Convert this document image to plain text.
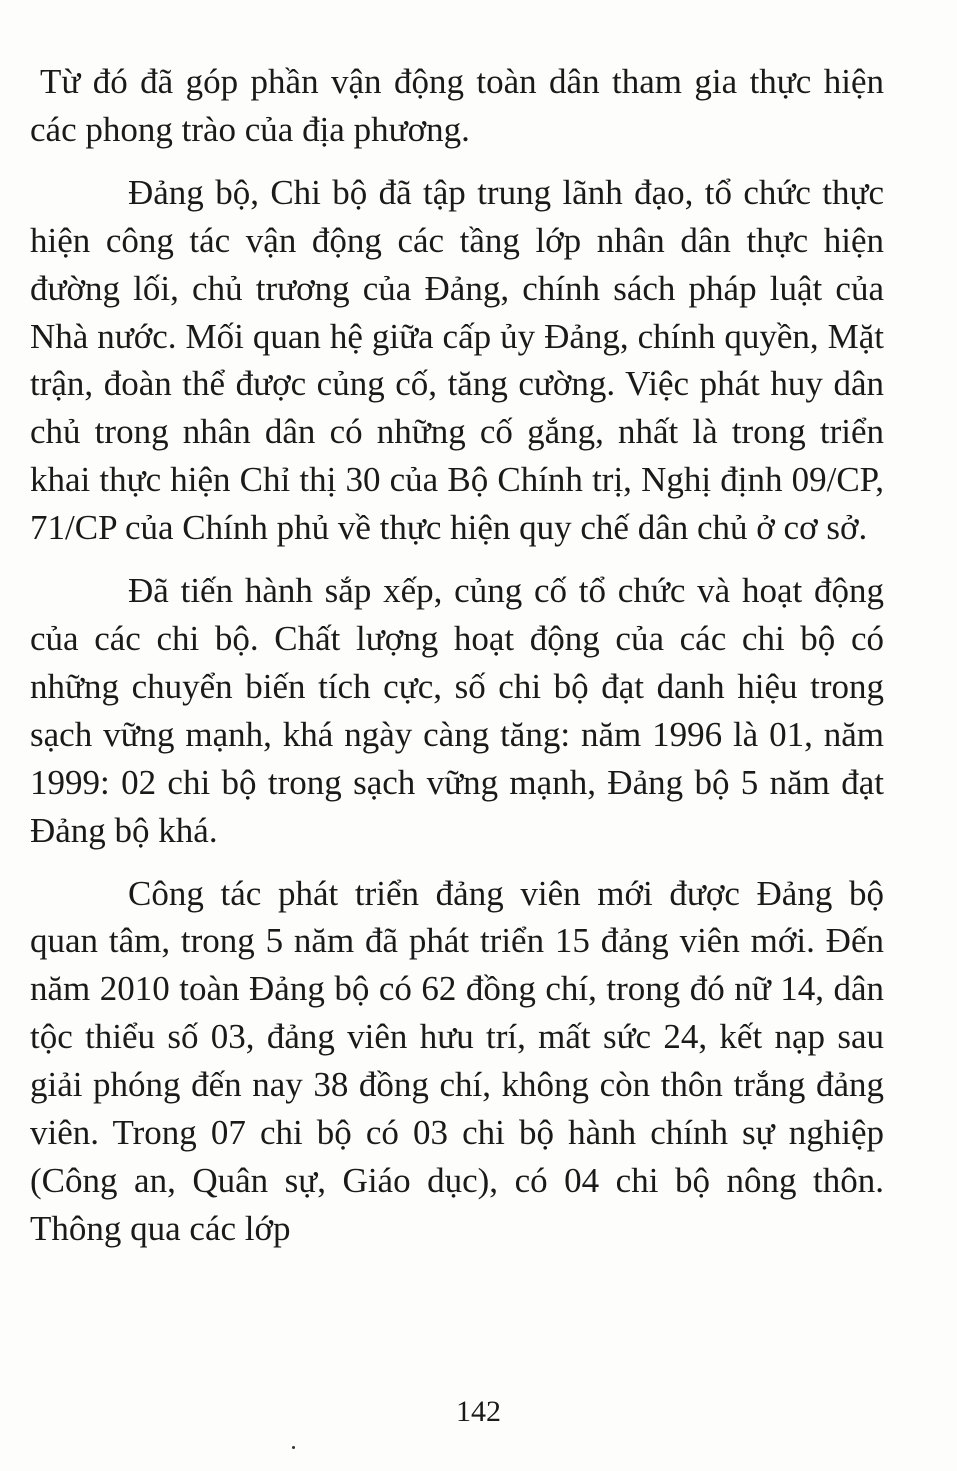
Từ đó đã góp phần vận động toàn dân tham gia thực hiện các phong trào của địa phương.

Đảng bộ, Chi bộ đã tập trung lãnh đạo, tổ chức thực hiện công tác vận động các tầng lớp nhân dân thực hiện đường lối, chủ trương của Đảng, chính sách pháp luật của Nhà nước. Mối quan hệ giữa cấp ủy Đảng, chính quyền, Mặt trận, đoàn thể được củng cố, tăng cường. Việc phát huy dân chủ trong nhân dân có những cố gắng, nhất là trong triển khai thực hiện Chỉ thị 30 của Bộ Chính trị, Nghị định 09/CP, 71/CP của Chính phủ về thực hiện quy chế dân chủ ở cơ sở.

Đã tiến hành sắp xếp, củng cố tổ chức và hoạt động của các chi bộ. Chất lượng hoạt động của các chi bộ có những chuyển biến tích cực, số chi bộ đạt danh hiệu trong sạch vững mạnh, khá ngày càng tăng: năm 1996 là 01, năm 1999: 02 chi bộ trong sạch vững mạnh, Đảng bộ 5 năm đạt Đảng bộ khá.

Công tác phát triển đảng viên mới được Đảng bộ quan tâm, trong 5 năm đã phát triển 15 đảng viên mới. Đến năm 2010 toàn Đảng bộ có 62 đồng chí, trong đó nữ 14, dân tộc thiểu số 03, đảng viên hưu trí, mất sức 24, kết nạp sau giải phóng đến nay 38 đồng chí, không còn thôn trắng đảng viên. Trong 07 chi bộ có 03 chi bộ hành chính sự nghiệp (Công an, Quân sự, Giáo dục), có 04 chi bộ nông thôn. Thông qua các lớp

142
